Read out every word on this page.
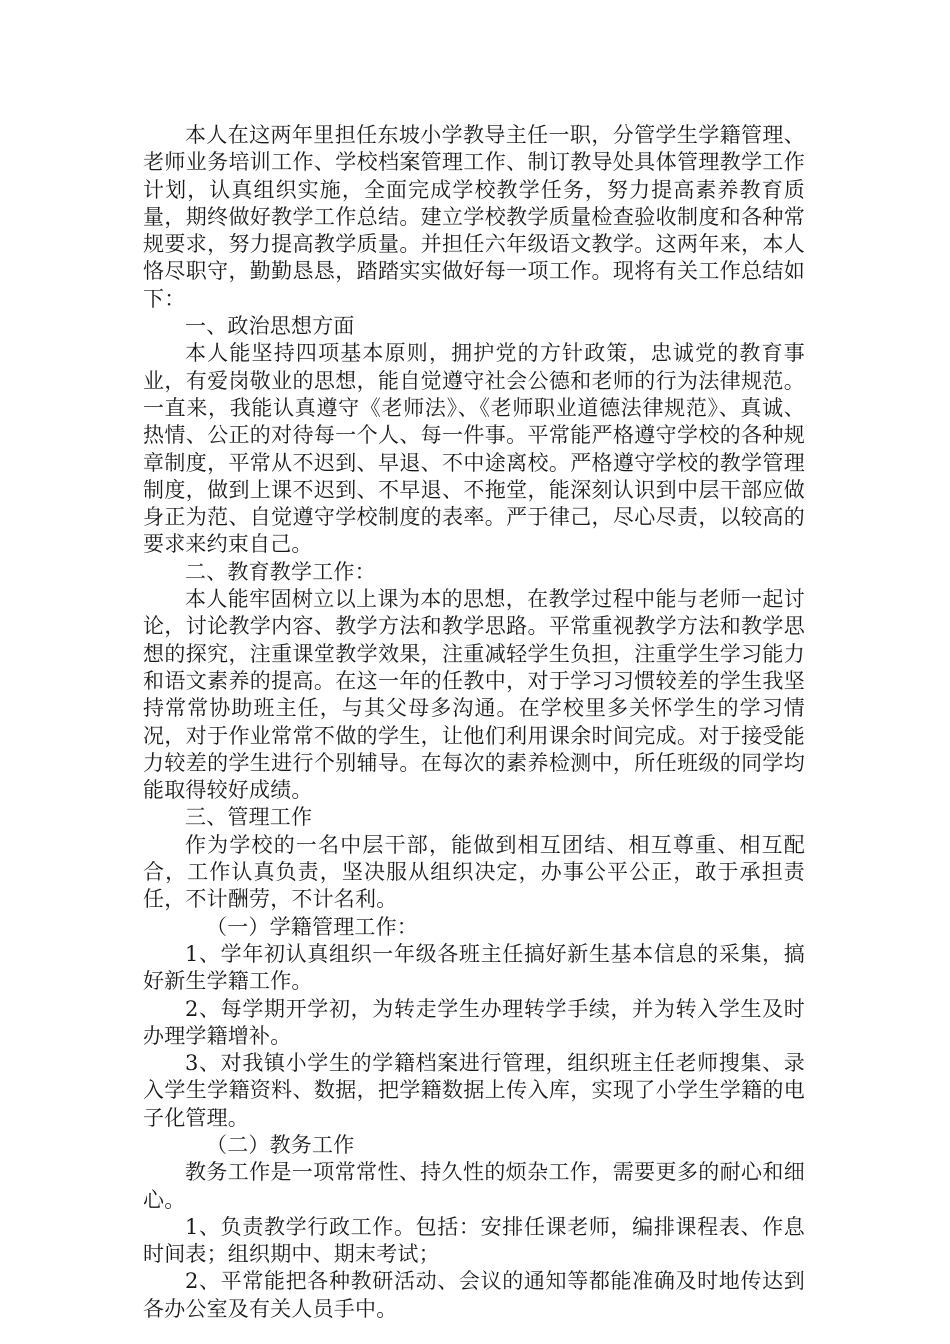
本人在这两年里担任东坡小学教导主任一职，分管学生学籍管理、老师业务培训工作、学校档案管理工作、制订教导处具体管理教学工作计划，认真组织实施，全面完成学校教学任务，努力提高素养教育质量，期终做好教学工作总结。建立学校教学质量检查验收制度和各种常规要求，努力提高教学质量。并担任六年级语文教学。这两年来，本人恪尽职守，勤勤恳恳，踏踏实实做好每一项工作。现将有关工作总结如下：

一、政治思想方面

本人能坚持四项基本原则，拥护党的方针政策，忠诚党的教育事业，有爱岗敬业的思想，能自觉遵守社会公德和老师的行为法律规范。一直来，我能认真遵守《老师法》、《老师职业道德法律规范》、真诚、热情、公正的对待每一个人、每一件事。平常能严格遵守学校的各种规章制度，平常从不迟到、早退、不中途离校。严格遵守学校的教学管理制度，做到上课不迟到、不早退、不拖堂，能深刻认识到中层干部应做身正为范、自觉遵守学校制度的表率。严于律己，尽心尽责，以较高的要求来约束自己。

二、教育教学工作：

本人能牢固树立以上课为本的思想，在教学过程中能与老师一起讨论，讨论教学内容、教学方法和教学思路。平常重视教学方法和教学思想的探究，注重课堂教学效果，注重减轻学生负担，注重学生学习能力和语文素养的提高。在这一年的任教中，对于学习习惯较差的学生我坚持常常协助班主任，与其父母多沟通。在学校里多关怀学生的学习情况，对于作业常常不做的学生，让他们利用课余时间完成。对于接受能力较差的学生进行个别辅导。在每次的素养检测中，所任班级的同学均能取得较好成绩。

三、管理工作

作为学校的一名中层干部，能做到相互团结、相互尊重、相互配合，工作认真负责，坚决服从组织决定，办事公平公正，敢于承担责任，不计酬劳，不计名利。

（一）学籍管理工作：

1、学年初认真组织一年级各班主任搞好新生基本信息的采集，搞好新生学籍工作。

2、每学期开学初，为转走学生办理转学手续，并为转入学生及时办理学籍增补。

3、对我镇小学生的学籍档案进行管理，组织班主任老师搜集、录入学生学籍资料、数据，把学籍数据上传入库，实现了小学生学籍的电子化管理。

（二）教务工作

教务工作是一项常常性、持久性的烦杂工作，需要更多的耐心和细心。

1、负责教学行政工作。包括：安排任课老师，编排课程表、作息时间表；组织期中、期末考试；

2、平常能把各种教研活动、会议的通知等都能准确及时地传达到各办公室及有关人员手中。
